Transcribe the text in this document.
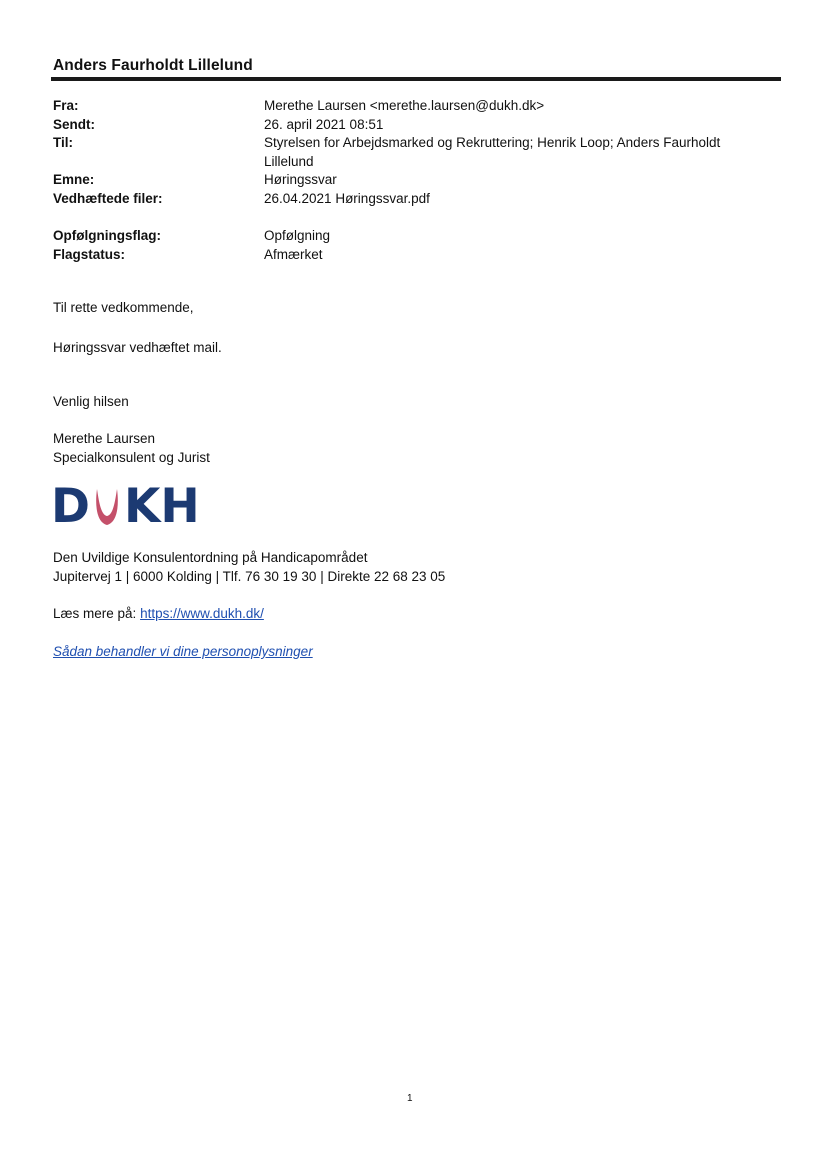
Anders Faurholdt Lillelund
Fra:	Merethe Laursen <merethe.laursen@dukh.dk>
Sendt:	26. april 2021 08:51
Til:	Styrelsen for Arbejdsmarked og Rekruttering; Henrik Loop; Anders Faurholdt Lillelund
Emne:	Høringssvar
Vedhæftede filer:	26.04.2021 Høringssvar.pdf
Opfølgningsflag:	Opfølgning
Flagstatus:	Afmærket
Til rette vedkommende,
Høringssvar vedhæftet mail.
Venlig hilsen
Merethe Laursen
Specialkonsulent og Jurist
D KH
Den Uvildige Konsulentordning på Handicapområdet
Jupitervej 1 | 6000 Kolding | Tlf. 76 30 19 30 | Direkte 22 68 23 05
Læs mere på: https://www.dukh.dk/
Sådan behandler vi dine personoplysninger
1
